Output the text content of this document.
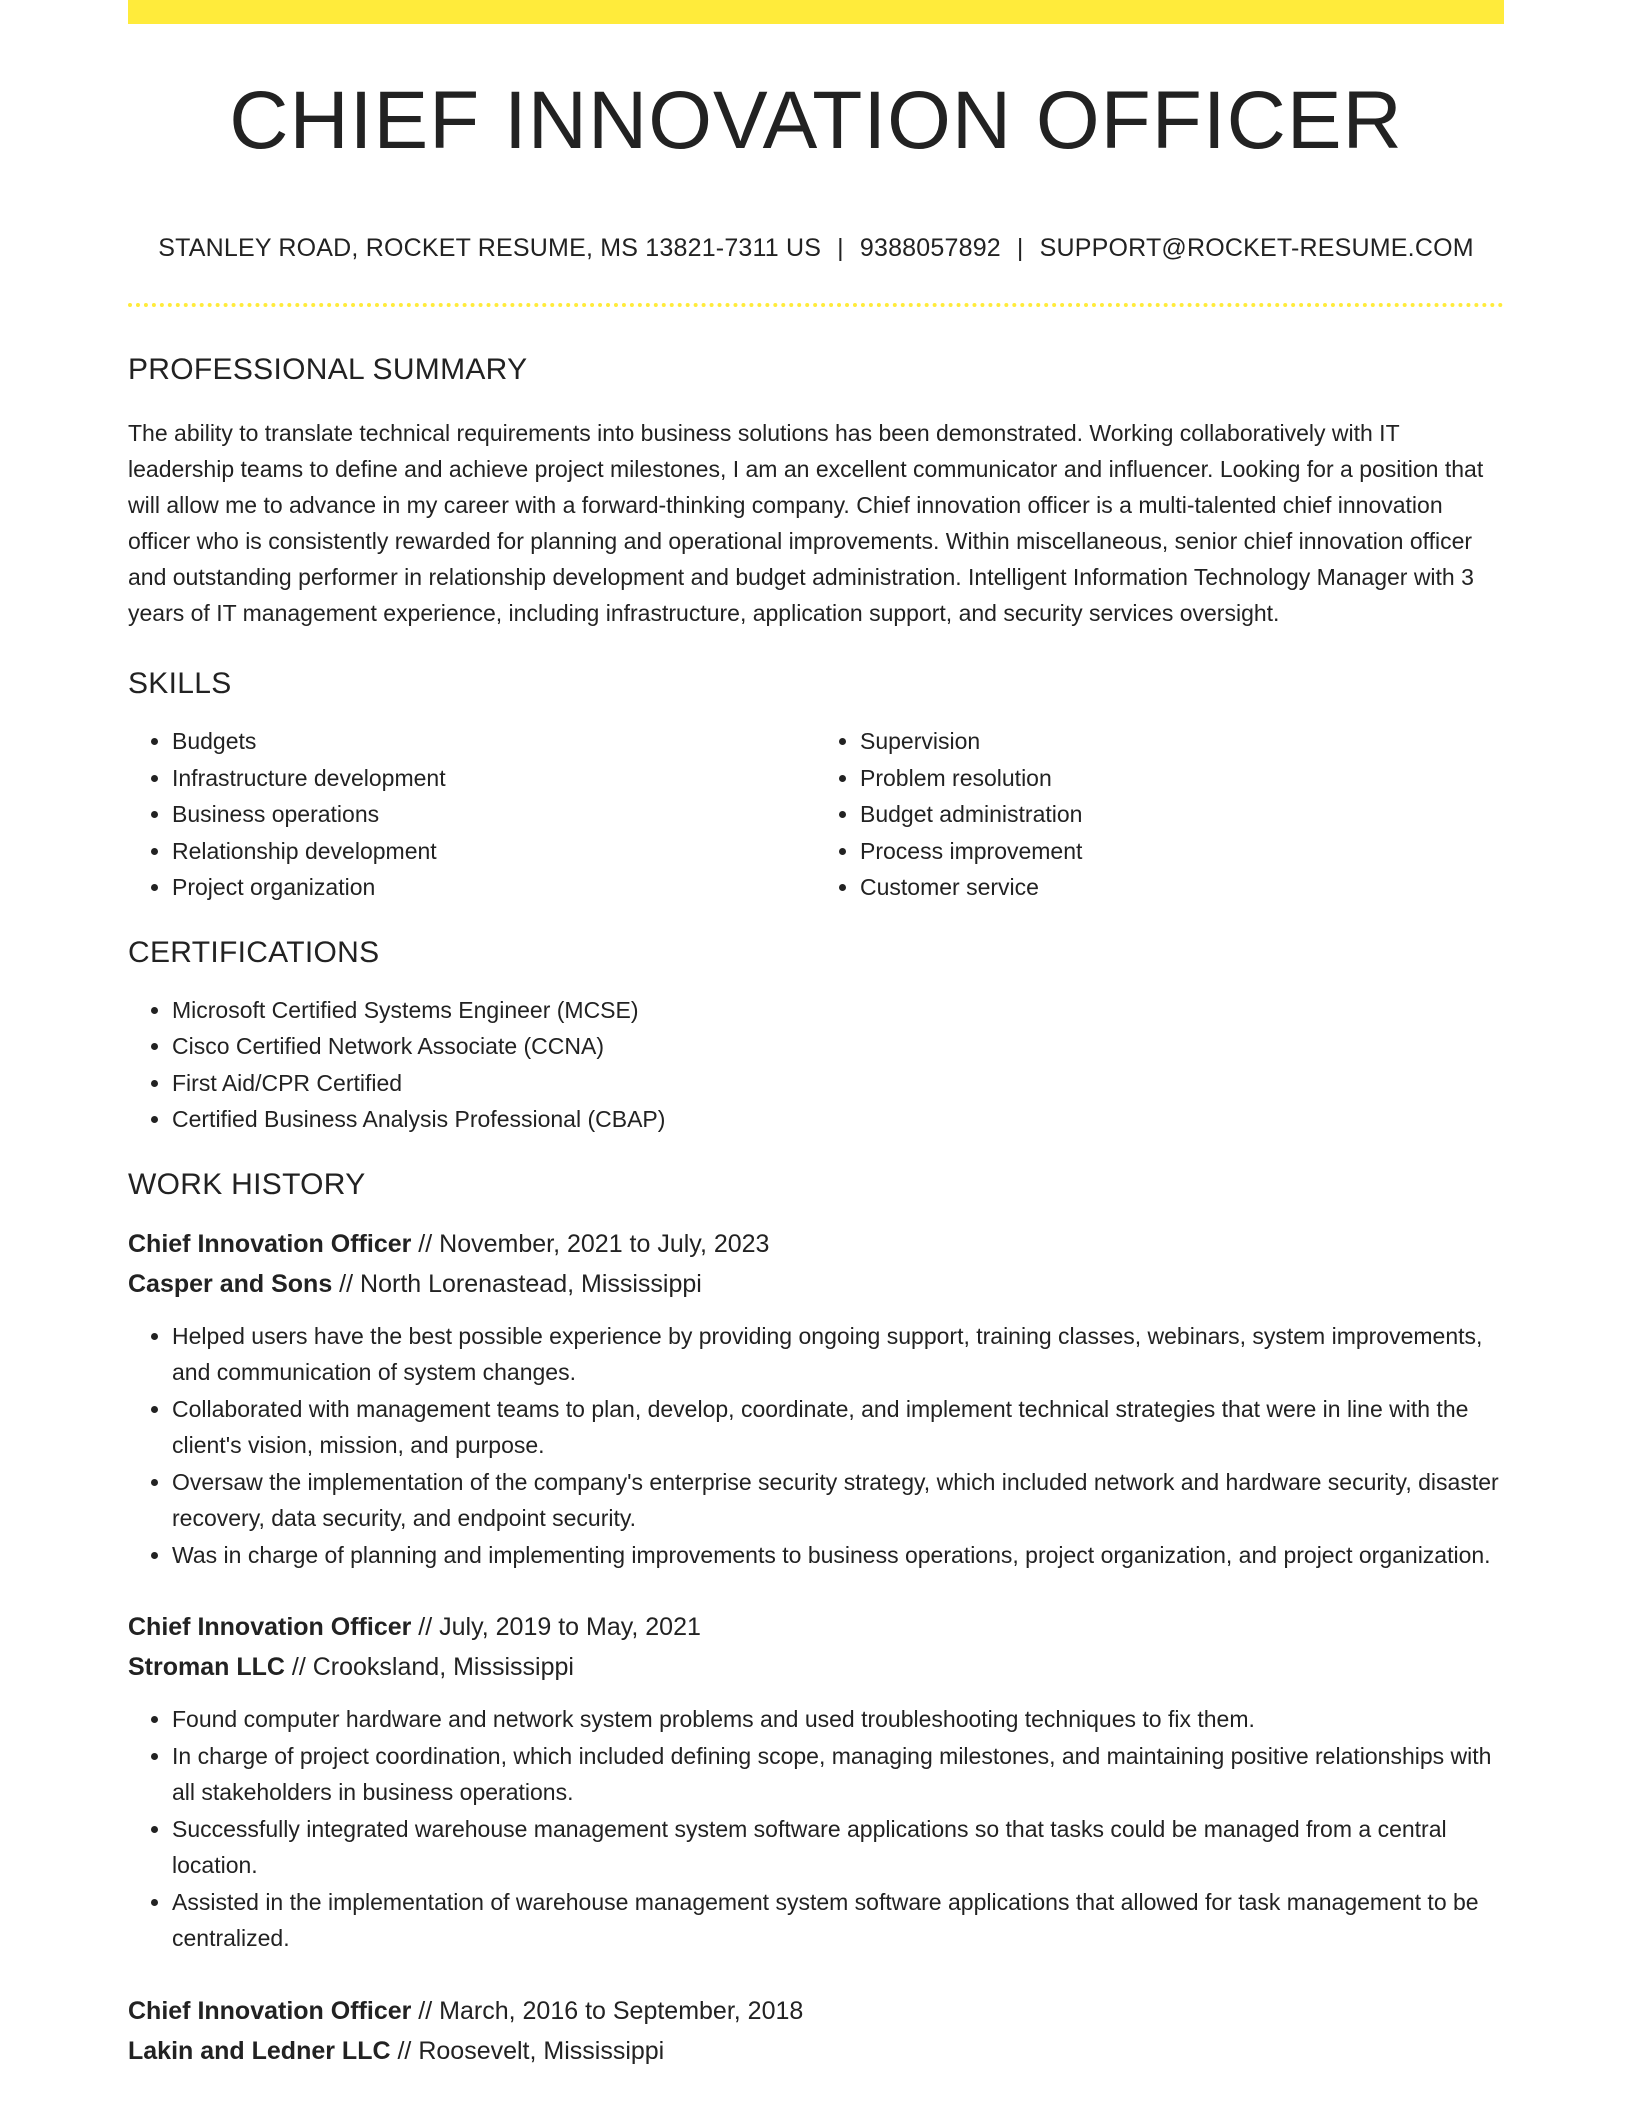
CHIEF INNOVATION OFFICER
STANLEY ROAD, ROCKET RESUME, MS 13821-7311 US | 9388057892 | SUPPORT@ROCKET-RESUME.COM
PROFESSIONAL SUMMARY
The ability to translate technical requirements into business solutions has been demonstrated. Working collaboratively with IT leadership teams to define and achieve project milestones, I am an excellent communicator and influencer. Looking for a position that will allow me to advance in my career with a forward-thinking company. Chief innovation officer is a multi-talented chief innovation officer who is consistently rewarded for planning and operational improvements. Within miscellaneous, senior chief innovation officer and outstanding performer in relationship development and budget administration. Intelligent Information Technology Manager with 3 years of IT management experience, including infrastructure, application support, and security services oversight.
SKILLS
• Budgets
• Infrastructure development
• Business operations
• Relationship development
• Project organization
• Supervision
• Problem resolution
• Budget administration
• Process improvement
• Customer service
CERTIFICATIONS
• Microsoft Certified Systems Engineer (MCSE)
• Cisco Certified Network Associate (CCNA)
• First Aid/CPR Certified
• Certified Business Analysis Professional (CBAP)
WORK HISTORY
Chief Innovation Officer // November, 2021 to July, 2023
Casper and Sons // North Lorenastead, Mississippi
• Helped users have the best possible experience by providing ongoing support, training classes, webinars, system improvements, and communication of system changes.
• Collaborated with management teams to plan, develop, coordinate, and implement technical strategies that were in line with the client's vision, mission, and purpose.
• Oversaw the implementation of the company's enterprise security strategy, which included network and hardware security, disaster recovery, data security, and endpoint security.
• Was in charge of planning and implementing improvements to business operations, project organization, and project organization.
Chief Innovation Officer // July, 2019 to May, 2021
Stroman LLC // Crooksland, Mississippi
• Found computer hardware and network system problems and used troubleshooting techniques to fix them.
• In charge of project coordination, which included defining scope, managing milestones, and maintaining positive relationships with all stakeholders in business operations.
• Successfully integrated warehouse management system software applications so that tasks could be managed from a central location.
• Assisted in the implementation of warehouse management system software applications that allowed for task management to be centralized.
Chief Innovation Officer // March, 2016 to September, 2018
Lakin and Ledner LLC // Roosevelt, Mississippi
